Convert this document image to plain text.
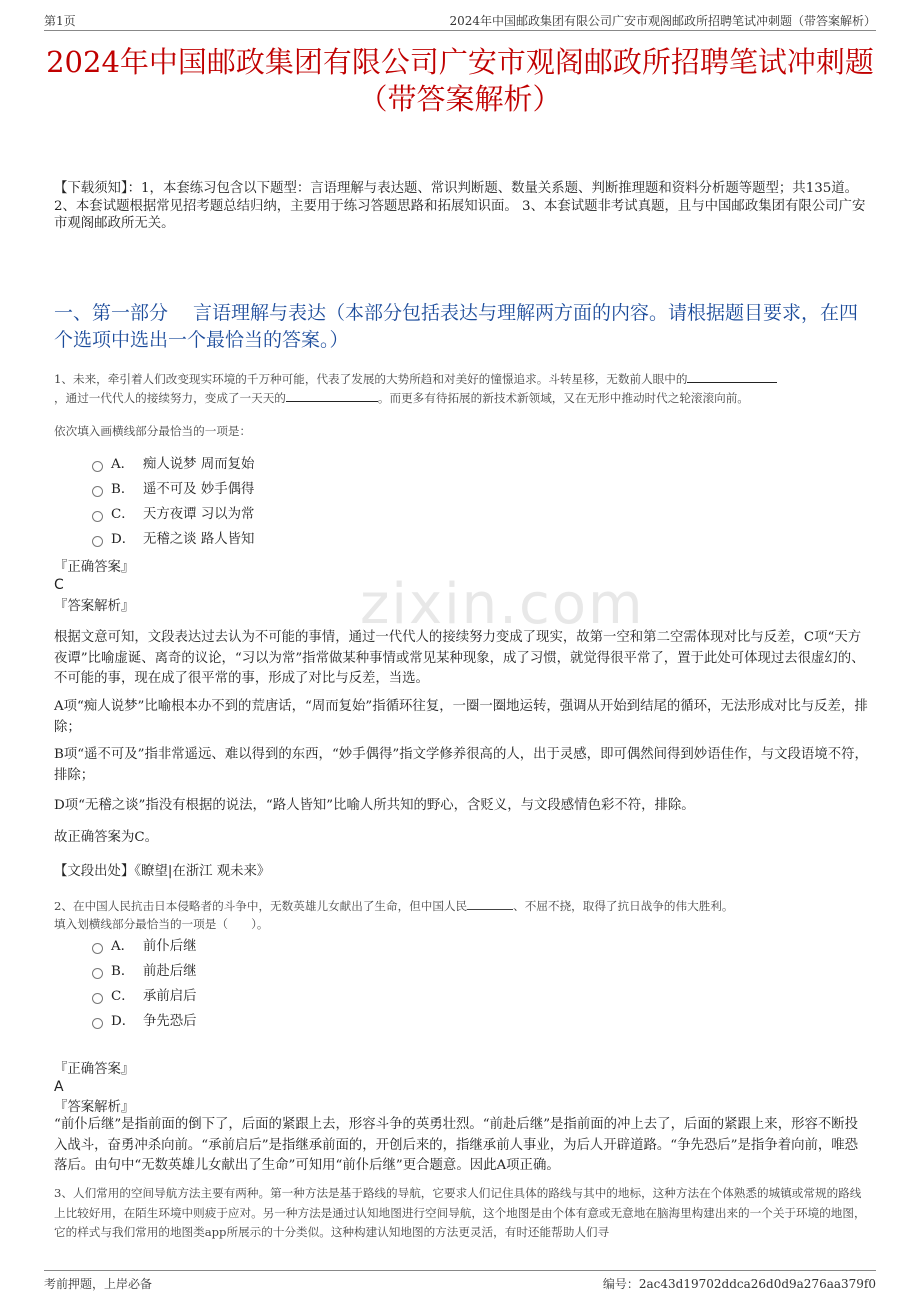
第1页	2024年中国邮政集团有限公司广安市观阁邮政所招聘笔试冲刺题（带答案解析）
2024年中国邮政集团有限公司广安市观阁邮政所招聘笔试冲刺题（带答案解析）
【下载须知】：1，本套练习包含以下题型：言语理解与表达题、常识判断题、数量关系题、判断推理题和资料分析题等题型；共135道。 2、本套试题根据常见招考题总结归纳，主要用于练习答题思路和拓展知识面。 3、本套试题非考试真题，且与中国邮政集团有限公司广安市观阁邮政所无关。
一、第一部分　 言语理解与表达（本部分包括表达与理解两方面的内容。请根据题目要求，在四个选项中选出一个最恰当的答案。）
zixin.com
1、未来，牵引着人们改变现实环境的千万种可能，代表了发展的大势所趋和对美好的憧憬追求。斗转星移，无数前人眼中的
，通过一代代人的接续努力，变成了一天天的	。而更多有待拓展的新技术新领域，又在无形中推动时代之轮滚滚向前。
依次填入画横线部分最恰当的一项是：
A． 痴人说梦 周而复始
B． 遥不可及 妙手偶得
C． 天方夜谭 习以为常
D． 无稽之谈 路人皆知
『正确答案』
C
『答案解析』
根据文意可知，文段表达过去认为不可能的事情，通过一代代人的接续努力变成了现实，故第一空和第二空需体现对比与反差，C项“天方夜谭”比喻虚诞、离奇的议论，“习以为常”指常做某种事情或常见某种现象，成了习惯，就觉得很平常了，置于此处可体现过去很虚幻的、不可能的事，现在成了很平常的事，形成了对比与反差，当选。
A项“痴人说梦”比喻根本办不到的荒唐话，“周而复始”指循环往复，一圈一圈地运转，强调从开始到结尾的循环，无法形成对比与反差，排除；
B项“遥不可及”指非常遥远、难以得到的东西，“妙手偶得”指文学修养很高的人，出于灵感，即可偶然间得到妙语佳作，与文段语境不符，排除；
D项“无稽之谈”指没有根据的说法，“路人皆知”比喻人所共知的野心，含贬义，与文段感情色彩不符，排除。
故正确答案为C。
【文段出处】《瞭望|在浙江 观未来》
2、在中国人民抗击日本侵略者的斗争中，无数英雄儿女献出了生命，但中国人民	、不屈不挠，取得了抗日战争的伟大胜利。
填入划横线部分最恰当的一项是（　　）。
A． 前仆后继
B． 前赴后继
C． 承前启后
D． 争先恐后
『正确答案』
A
『答案解析』
“前仆后继”是指前面的倒下了，后面的紧跟上去，形容斗争的英勇壮烈。“前赴后继”是指前面的冲上去了，后面的紧跟上来，形容不断投入战斗，奋勇冲杀向前。“承前启后”是指继承前面的，开创后来的，指继承前人事业，为后人开辟道路。“争先恐后”是指争着向前，唯恐落后。由句中“无数英雄儿女献出了生命”可知用“前仆后继”更合题意。因此A项正确。
3、人们常用的空间导航方法主要有两种。第一种方法是基于路线的导航，它要求人们记住具体的路线与其中的地标，这种方法在个体熟悉的城镇或常规的路线上比较好用，在陌生环境中则疲于应对。另一种方法是通过认知地图进行空间导航，这个地图是由个体有意或无意地在脑海里构建出来的一个关于环境的地图，它的样式与我们常用的地图类app所展示的十分类似。这种构建认知地图的方法更灵活，有时还能帮助人们寻
考前押题，上岸必备	编号：2ac43d19702ddca26d0d9a276aa379f0
